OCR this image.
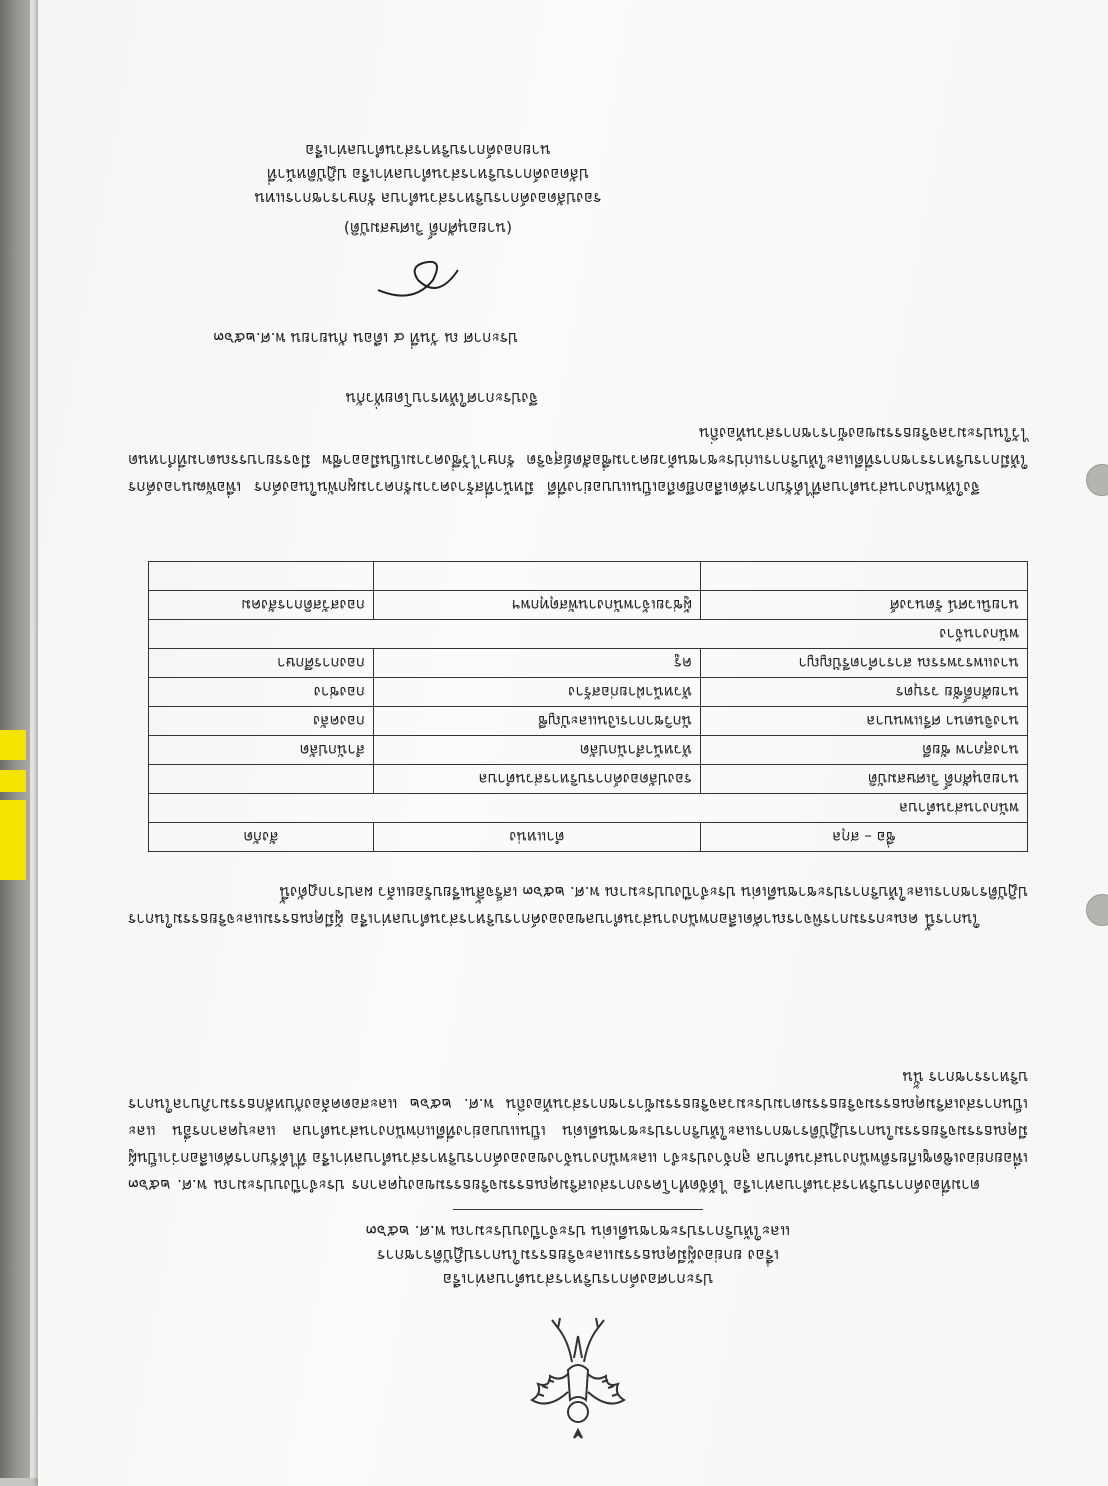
ประกาศองค์การบริหารส่วนตำบลท่าเรือ
เรื่อง ยกย่องผู้มีคุณธรรมและจริยธรรมในการปฏิบัติราชการ
และให้บริการประชาชนดีเด่น ประจำปีงบประมาณ พ.ศ. ๒๕๖๓
ตามที่องค์การบริหารส่วนตำบลท่าเรือ ได้จัดทำโครงการส่งเสริมคุณธรรมจริยธรรมของบุคลากร ประจำปีงบประมาณ พ.ศ. ๒๕๖๓ เพื่อยกย่องเชิดชูเกียรติพนักงานส่วนตำบล ลูกจ้างประจำ และพนักงานจ้างขององค์การบริหารส่วนตำบลท่าเรือ ที่ได้รับการคัดเลือกว่าเป็นผู้มีคุณธรรมจริยธรรมในการปฏิบัติราชการและให้บริการประชาชนดีเด่น เป็นแบบอย่างที่ดีแก่พนักงานส่วนตำบล และบุคลากรอื่น และเป็นการส่งเสริมคุณธรรมจริยธรรมตามประมวลจริยธรรมข้าราชการส่วนท้องถิ่น พ.ศ. ๒๕๖๒ และสอดคล้องกับหลักธรรมาภิบาลในการบริหารราชการ นั้น
ในการนี้ คณะกรรมการพิจารณาคัดเลือกพนักงานส่วนตำบลขององค์การบริหารส่วนตำบลท่าเรือ ผู้มีคุณธรรมและจริยธรรมในการปฏิบัติราชการและให้บริการประชาชนดีเด่น ประจำปีงบประมาณ พ.ศ. ๒๕๖๓ เสร็จสิ้นเรียบร้อยแล้ว ผลปรากฏดังนี้
ชื่อ – สกุล	ตำแหน่ง	สังกัด
พนักงานส่วนตำบล		
นายอนุศักดิ์ วิเศษสมบัติ	รองปลัดองค์การบริหารส่วนตำบล	
นางสุภาพ ชัยดี	หัวหน้าสำนักปลัด	สำนักปลัด
นางจินตนา ศรีแพนบาล	นักวิชาการเงินและบัญชี	กองคลัง
นายศักดิ์ชัย วรบุตร	หัวหน้าฝ่ายก่อสร้าง	กองช่าง
นางแพรวพรรณ สาราคำตรีปัญญา	ครู	กองการศึกษา
พนักงานจ้าง		
นายนิเวศน์ รัตนวงศ์	ผู้ช่วยเจ้าพนักงานพัสดุทุกพฯ	กองสวัสดิการสังคม

จึงให้พนักงานส่วนตำบลที่ได้รับการคัดเลือกยึดถือเป็นแบบอย่างที่ดี มีหน้าที่สร้างความรักความผูกพันในองค์กร เพื่อพัฒนาองค์กรให้มีการบริหารราชการที่ดีและให้บริการแก่ประชาชนด้วยความซื่อสัตย์สุจริต รักษาไว้ซึ่งความเป็นมืออาชีพ มีจรรยาบรรณตามที่กำหนดไว้ในประมวลจริยธรรมของข้าราชการส่วนท้องถิ่น
จึงประกาศให้ทราบโดยทั่วกัน
ประกาศ ณ วันที่ ๔ เดือน กันยายน พ.ศ.๒๕๖๓
(นายอนุศักดิ์ วิเศษสมบัติ)
รองปลัดองค์การบริหารส่วนตำบล รักษาราชการแทน
ปลัดองค์การบริหารส่วนตำบลท่าเรือ ปฏิบัติหน้าที่
นายกองค์การบริหารส่วนตำบลท่าเรือ
